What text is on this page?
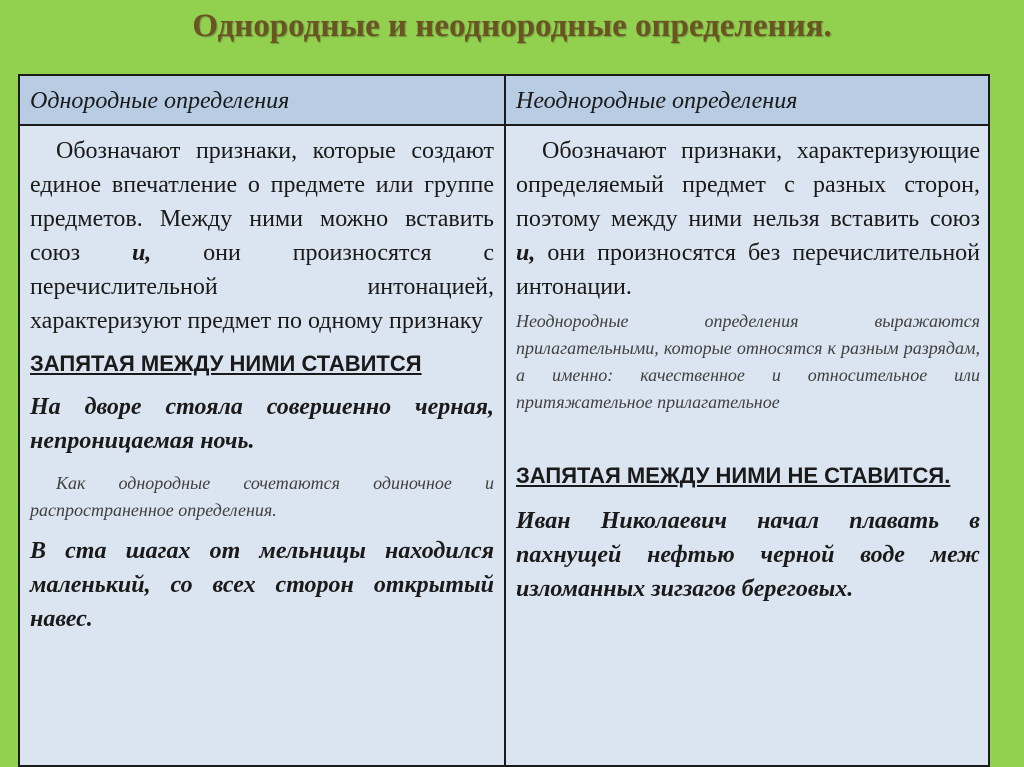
Однородные и неоднородные определения.
Однородные определения	Неоднородные определения
Обозначают признаки, которые создают единое впечатление о предмете или группе предметов. Между ними можно вставить союз и, они произносятся с перечислительной интонацией, характеризуют предмет по одному признаку
ЗАПЯТАЯ МЕЖДУ НИМИ СТАВИТСЯ
На дворе стояла совершенно черная, непроницаемая ночь.
Как однородные сочетаются одиночное и распространенное определения.
В ста шагах от мельницы находился маленький, со всех сторон открытый навес.
Обозначают признаки, характеризующие определяемый предмет с разных сторон, поэтому между ними нельзя вставить союз и, они произносятся без перечислительной интонации.
Неоднородные определения выражаются прилагательными, которые относятся к разным разрядам, а именно: качественное и относительное или притяжательное прилагательное
ЗАПЯТАЯ МЕЖДУ НИМИ НЕ СТАВИТСЯ.
Иван Николаевич начал плавать в пахнущей нефтью черной воде меж изломанных зигзагов береговых.
